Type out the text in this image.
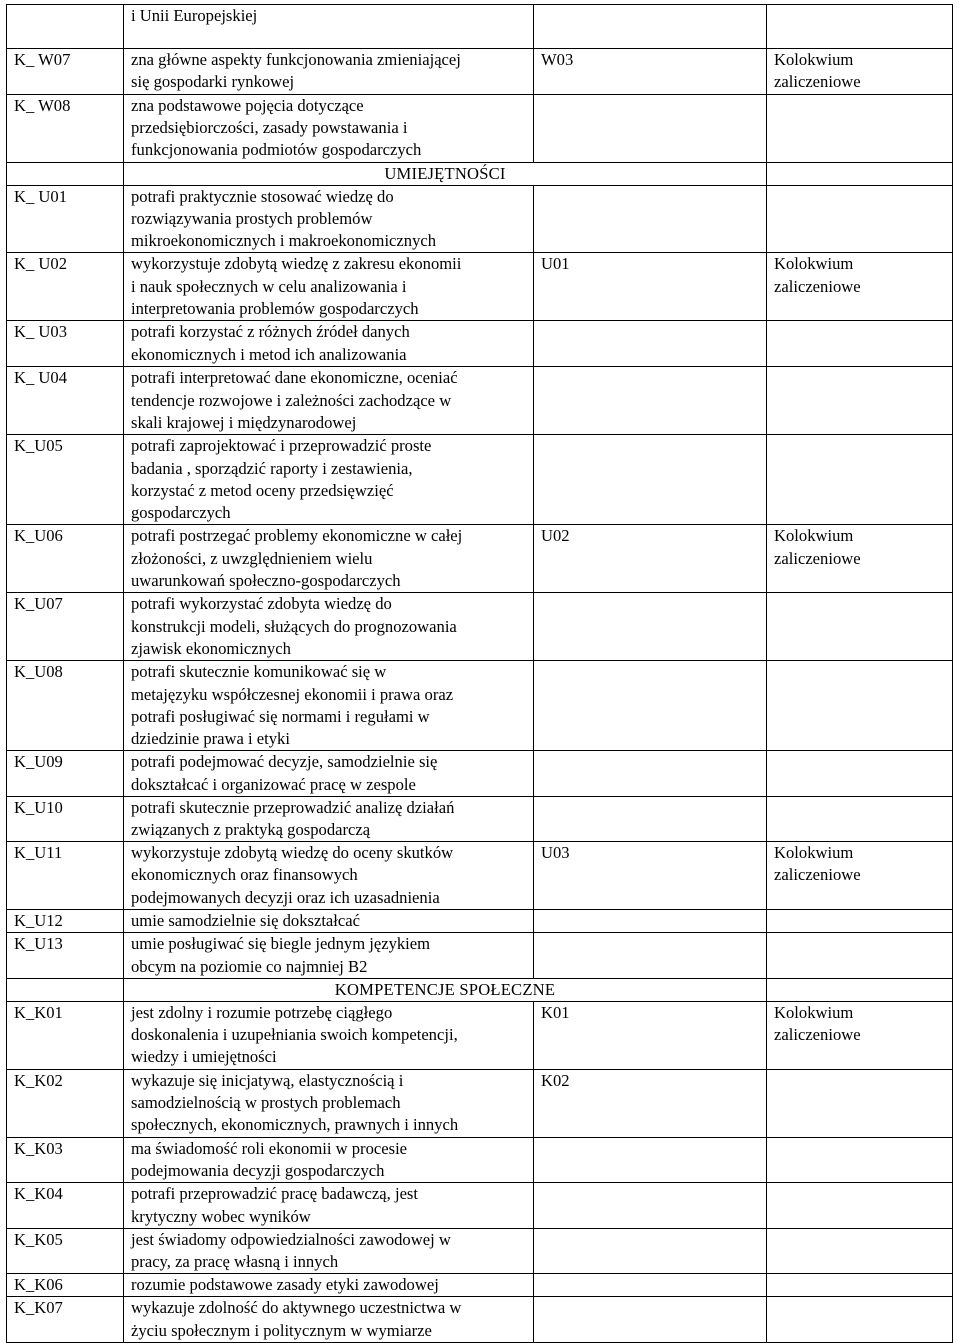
	i Unii Europejskiej		
K_ W07	zna główne aspekty funkcjonowania zmieniającej
się gospodarki rynkowej	W03	Kolokwium
zaliczeniowe
K_ W08	zna podstawowe pojęcia dotyczące
przedsiębiorczości, zasady powstawania i
funkcjonowania podmiotów gospodarczych		
	UMIEJĘTNOŚCI		
K_ U01	potrafi praktycznie stosować wiedzę do
rozwiązywania prostych problemów
mikroekonomicznych i makroekonomicznych		
K_ U02	wykorzystuje zdobytą wiedzę z zakresu ekonomii
i nauk społecznych w celu analizowania i
interpretowania problemów gospodarczych	U01	Kolokwium
zaliczeniowe
K_ U03	potrafi korzystać z różnych źródeł danych
ekonomicznych i metod ich analizowania		
K_ U04	potrafi interpretować dane ekonomiczne, oceniać
tendencje rozwojowe i zależności zachodzące w
skali krajowej i międzynarodowej		
K_U05	potrafi zaprojektować i przeprowadzić proste
badania , sporządzić raporty i zestawienia,
korzystać z metod oceny przedsięwzięć
gospodarczych		
K_U06	potrafi postrzegać problemy ekonomiczne w całej
złożoności, z uwzględnieniem wielu
uwarunkowań społeczno-gospodarczych	U02	Kolokwium
zaliczeniowe
K_U07	potrafi wykorzystać zdobyta wiedzę do
konstrukcji modeli, służących do prognozowania
zjawisk ekonomicznych		
K_U08	potrafi skutecznie komunikować się w
metajęzyku współczesnej ekonomii i prawa oraz
potrafi posługiwać się normami i regułami w
dziedzinie prawa i etyki		
K_U09	potrafi podejmować decyzje, samodzielnie się
dokształcać i organizować pracę w zespole		
K_U10	potrafi skutecznie przeprowadzić analizę działań
związanych z praktyką gospodarczą		
K_U11	wykorzystuje zdobytą wiedzę do oceny skutków
ekonomicznych oraz finansowych
podejmowanych decyzji oraz ich uzasadnienia	U03	Kolokwium
zaliczeniowe
K_U12	umie samodzielnie się dokształcać		
K_U13	umie posługiwać się biegle jednym językiem
obcym na poziomie co najmniej B2		
	KOMPETENCJE SPOŁECZNE		
K_K01	jest zdolny i rozumie potrzebę ciągłego
doskonalenia i uzupełniania swoich kompetencji,
wiedzy i umiejętności	K01	Kolokwium
zaliczeniowe
K_K02	wykazuje się inicjatywą, elastycznością i
samodzielnością w prostych problemach
społecznych, ekonomicznych, prawnych i innych	K02	
K_K03	ma świadomość roli ekonomii w procesie
podejmowania decyzji gospodarczych		
K_K04	potrafi przeprowadzić pracę badawczą, jest
krytyczny wobec wyników		
K_K05	jest świadomy odpowiedzialności zawodowej w
pracy, za pracę własną i innych		
K_K06	rozumie podstawowe zasady etyki zawodowej		
K_K07	wykazuje zdolność do aktywnego uczestnictwa w
życiu społecznym i politycznym w wymiarze		
